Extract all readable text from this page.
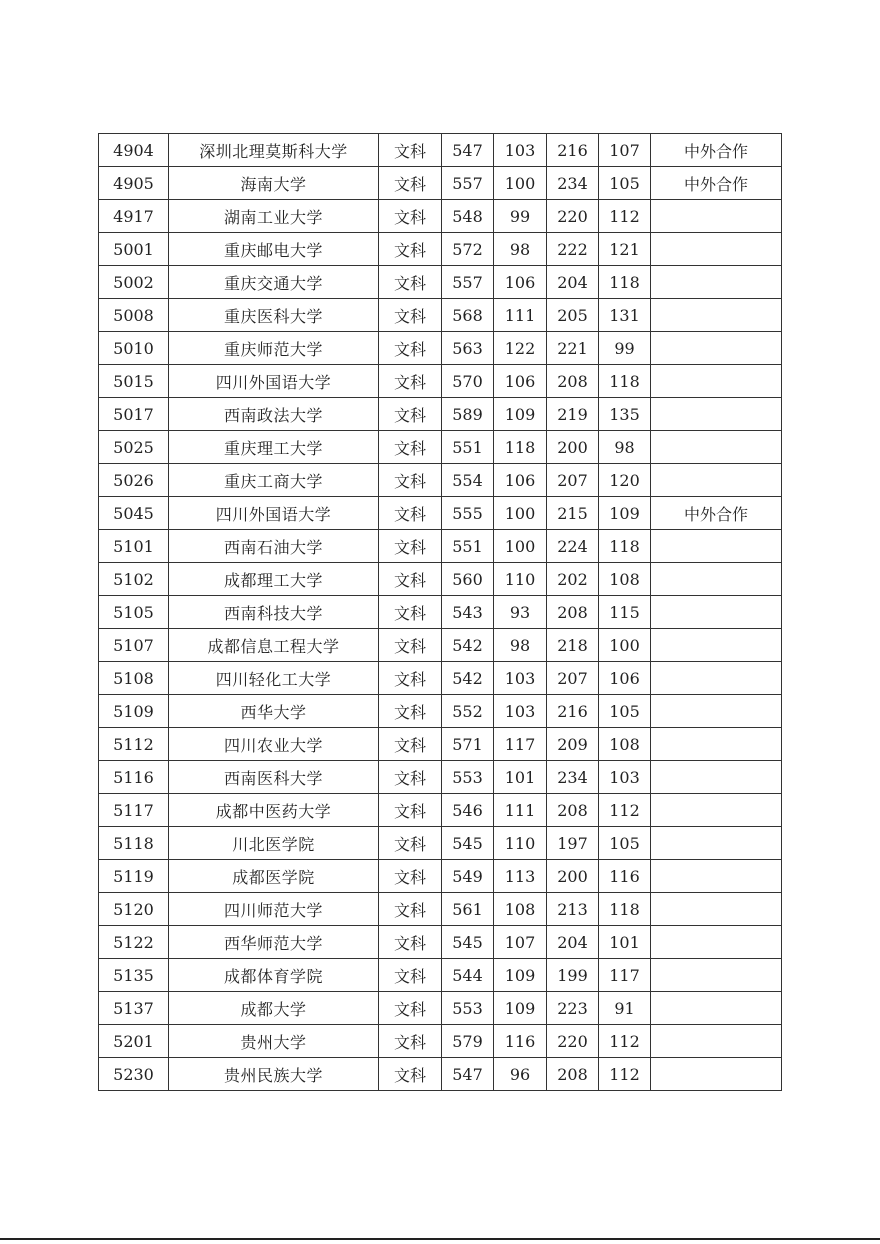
4904	深圳北理莫斯科大学	文科	547	103	216	107	中外合作
4905	海南大学	文科	557	100	234	105	中外合作
4917	湖南工业大学	文科	548	99	220	112	
5001	重庆邮电大学	文科	572	98	222	121	
5002	重庆交通大学	文科	557	106	204	118	
5008	重庆医科大学	文科	568	111	205	131	
5010	重庆师范大学	文科	563	122	221	99	
5015	四川外国语大学	文科	570	106	208	118	
5017	西南政法大学	文科	589	109	219	135	
5025	重庆理工大学	文科	551	118	200	98	
5026	重庆工商大学	文科	554	106	207	120	
5045	四川外国语大学	文科	555	100	215	109	中外合作
5101	西南石油大学	文科	551	100	224	118	
5102	成都理工大学	文科	560	110	202	108	
5105	西南科技大学	文科	543	93	208	115	
5107	成都信息工程大学	文科	542	98	218	100	
5108	四川轻化工大学	文科	542	103	207	106	
5109	西华大学	文科	552	103	216	105	
5112	四川农业大学	文科	571	117	209	108	
5116	西南医科大学	文科	553	101	234	103	
5117	成都中医药大学	文科	546	111	208	112	
5118	川北医学院	文科	545	110	197	105	
5119	成都医学院	文科	549	113	200	116	
5120	四川师范大学	文科	561	108	213	118	
5122	西华师范大学	文科	545	107	204	101	
5135	成都体育学院	文科	544	109	199	117	
5137	成都大学	文科	553	109	223	91	
5201	贵州大学	文科	579	116	220	112	
5230	贵州民族大学	文科	547	96	208	112	
